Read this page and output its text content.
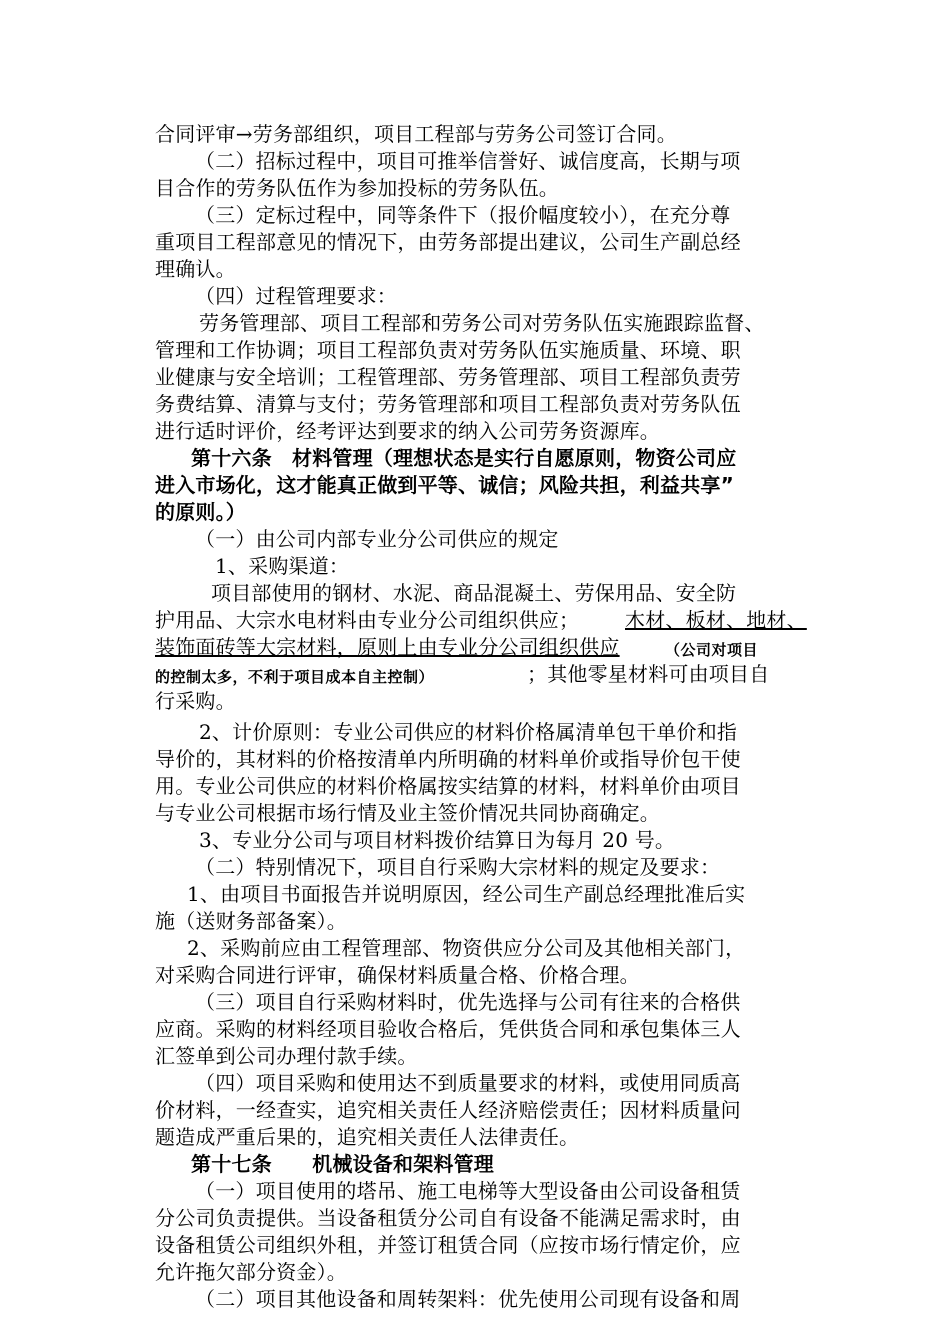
合同评审→劳务部组织，项目工程部与劳务公司签订合同。
（二）招标过程中，项目可推举信誉好、诚信度高，长期与项
目合作的劳务队伍作为参加投标的劳务队伍。
（三）定标过程中，同等条件下（报价幅度较小），在充分尊
重项目工程部意见的情况下，由劳务部提出建议，公司生产副总经
理确认。
（四）过程管理要求：
劳务管理部、项目工程部和劳务公司对劳务队伍实施跟踪监督、
管理和工作协调；项目工程部负责对劳务队伍实施质量、环境、职
业健康与安全培训；工程管理部、劳务管理部、项目工程部负责劳
务费结算、清算与支付；劳务管理部和项目工程部负责对劳务队伍
进行适时评价，经考评达到要求的纳入公司劳务资源库。
第十六条　材料管理（理想状态是实行自愿原则，物资公司应
进入市场化，这才能真正做到平等、诚信；风险共担，利益共享”
的原则。）
（一）由公司内部专业分公司供应的规定
1、采购渠道：
项目部使用的钢材、水泥、商品混凝土、劳保用品、安全防
护用品、大宗水电材料由专业分公司组织供应； 木材、板材、地材、
装饰面砖等大宗材料，原则上由专业分公司组织供应	（公司对项目
的控制太多，不利于项目成本自主控制）	；其他零星材料可由项目自
行采购。
2、计价原则：专业公司供应的材料价格属清单包干单价和指
导价的，其材料的价格按清单内所明确的材料单价或指导价包干使
用。专业公司供应的材料价格属按实结算的材料，材料单价由项目
与专业公司根据市场行情及业主签价情况共同协商确定。
3、专业分公司与项目材料拨价结算日为每月 20 号。
（二）特别情况下，项目自行采购大宗材料的规定及要求：
1、由项目书面报告并说明原因，经公司生产副总经理批准后实
施（送财务部备案）。
2、采购前应由工程管理部、物资供应分公司及其他相关部门，
对采购合同进行评审，确保材料质量合格、价格合理。
（三）项目自行采购材料时，优先选择与公司有往来的合格供
应商。采购的材料经项目验收合格后，凭供货合同和承包集体三人
汇签单到公司办理付款手续。
（四）项目采购和使用达不到质量要求的材料，或使用同质高
价材料，一经查实，追究相关责任人经济赔偿责任；因材料质量问
题造成严重后果的，追究相关责任人法律责任。
第十七条　　机械设备和架料管理
（一）项目使用的塔吊、施工电梯等大型设备由公司设备租赁
分公司负责提供。当设备租赁分公司自有设备不能满足需求时，由
设备租赁公司组织外租，并签订租赁合同（应按市场行情定价，应
允许拖欠部分资金）。
（二）项目其他设备和周转架料：优先使用公司现有设备和周
